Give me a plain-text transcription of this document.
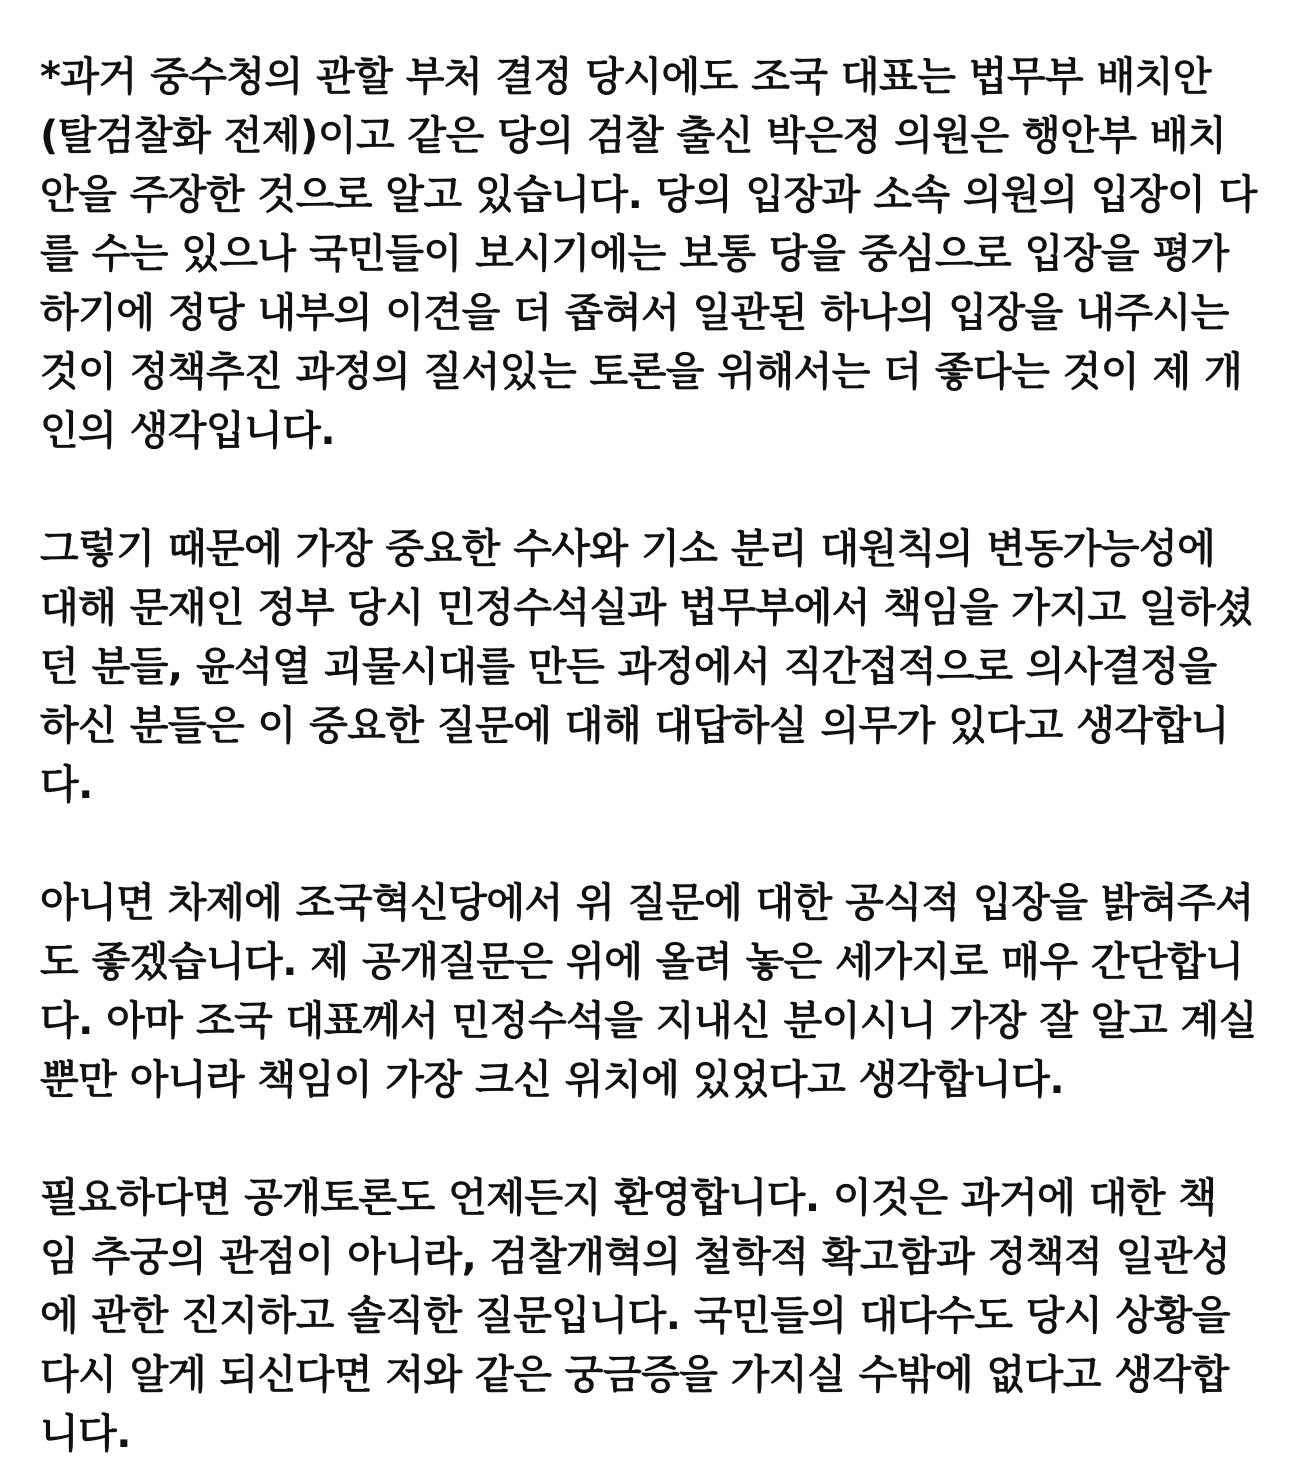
*과거 중수청의 관할 부처 결정 당시에도 조국 대표는 법무부 배치안
(탈검찰화 전제)이고 같은 당의 검찰 출신 박은정 의원은 행안부 배치
안을 주장한 것으로 알고 있습니다. 당의 입장과 소속 의원의 입장이 다
를 수는 있으나 국민들이 보시기에는 보통 당을 중심으로 입장을 평가
하기에 정당 내부의 이견을 더 좁혀서 일관된 하나의 입장을 내주시는
것이 정책추진 과정의 질서있는 토론을 위해서는 더 좋다는 것이 제 개
인의 생각입니다.
그렇기 때문에 가장 중요한 수사와 기소 분리 대원칙의 변동가능성에
대해 문재인 정부 당시 민정수석실과 법무부에서 책임을 가지고 일하셨
던 분들, 윤석열 괴물시대를 만든 과정에서 직간접적으로 의사결정을
하신 분들은 이 중요한 질문에 대해 대답하실 의무가 있다고 생각합니
다.
아니면 차제에 조국혁신당에서 위 질문에 대한 공식적 입장을 밝혀주셔
도 좋겠습니다. 제 공개질문은 위에 올려 놓은 세가지로 매우 간단합니
다. 아마 조국 대표께서 민정수석을 지내신 분이시니 가장 잘 알고 계실
뿐만 아니라 책임이 가장 크신 위치에 있었다고 생각합니다.
필요하다면 공개토론도 언제든지 환영합니다. 이것은 과거에 대한 책
임 추궁의 관점이 아니라, 검찰개혁의 철학적 확고함과 정책적 일관성
에 관한 진지하고 솔직한 질문입니다. 국민들의 대다수도 당시 상황을
다시 알게 되신다면 저와 같은 궁금증을 가지실 수밖에 없다고 생각합
니다.
